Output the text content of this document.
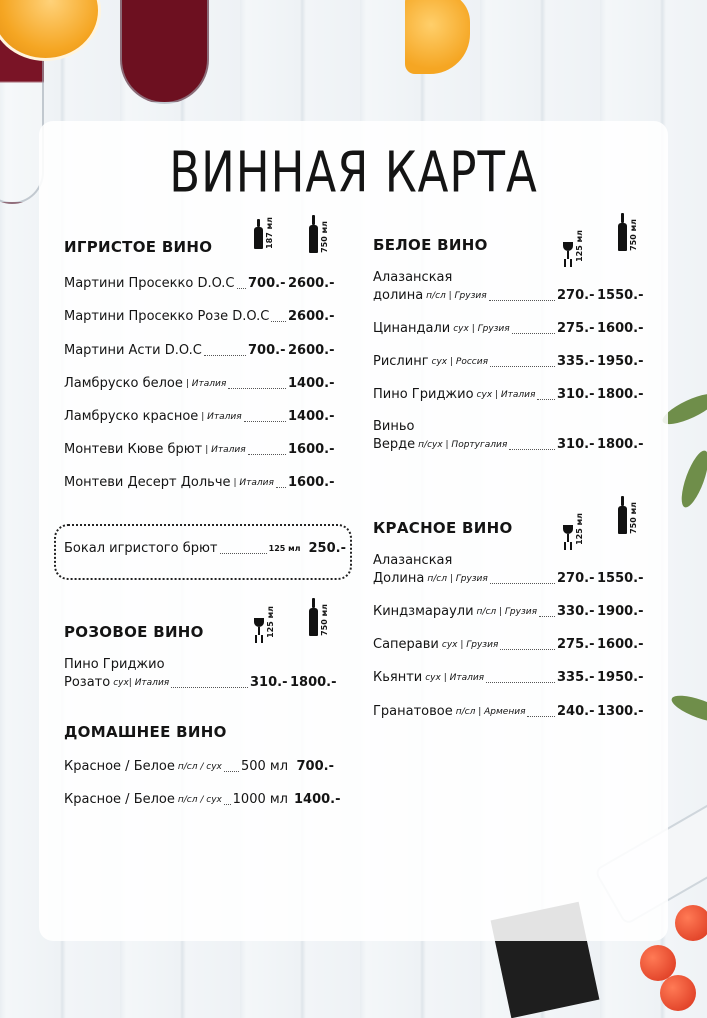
ВИННАЯ КАРТА
ИГРИСТОЕ ВИНО	187 мл	750 мл
Мартини Просекко D.O.C 700.- 2600.-
Мартини Просекко Розе D.O.C 2600.-
Мартини Асти D.O.C	700.- 2600.-
Ламбруско белое | Италия	1400.-
Ламбруско красное | Италия	1400.-
Монтеви Кюве брют | Италия	1600.-
Монтеви Десерт Дольче | Италия 1600.-
Бокал игристого брют	125 мл 250.-
РОЗОВОЕ ВИНО	125 мл	750 мл
Пино Гриджио
Розато сух| Италия	310.- 1800.-
ДОМАШНЕЕ ВИНО
Красное / Белое п/сл / сух 500 мл 700.-
Красное / Белое п/сл / сух 1000 мл 1400.-
БЕЛОЕ ВИНО	125 мл	750 мл
Алазанская
долина п/сл | Грузия	270.- 1550.-
Цинандали сух | Грузия	275.- 1600.-
Рислинг сух | Россия	335.- 1950.-
Пино Гриджио сух | Италия 310.- 1800.-
Виньо
Верде п/сух | Португалия	310.- 1800.-
КРАСНОЕ ВИНО	125 мл	750 мл
Алазанская
Долина п/сл | Грузия	270.- 1550.-
Киндзмараули п/сл | Грузия 330.- 1900.-
Саперави сух | Грузия	275.- 1600.-
Кьянти сух | Италия	335.- 1950.-
Гранатовое п/сл | Армения 240.- 1300.-
